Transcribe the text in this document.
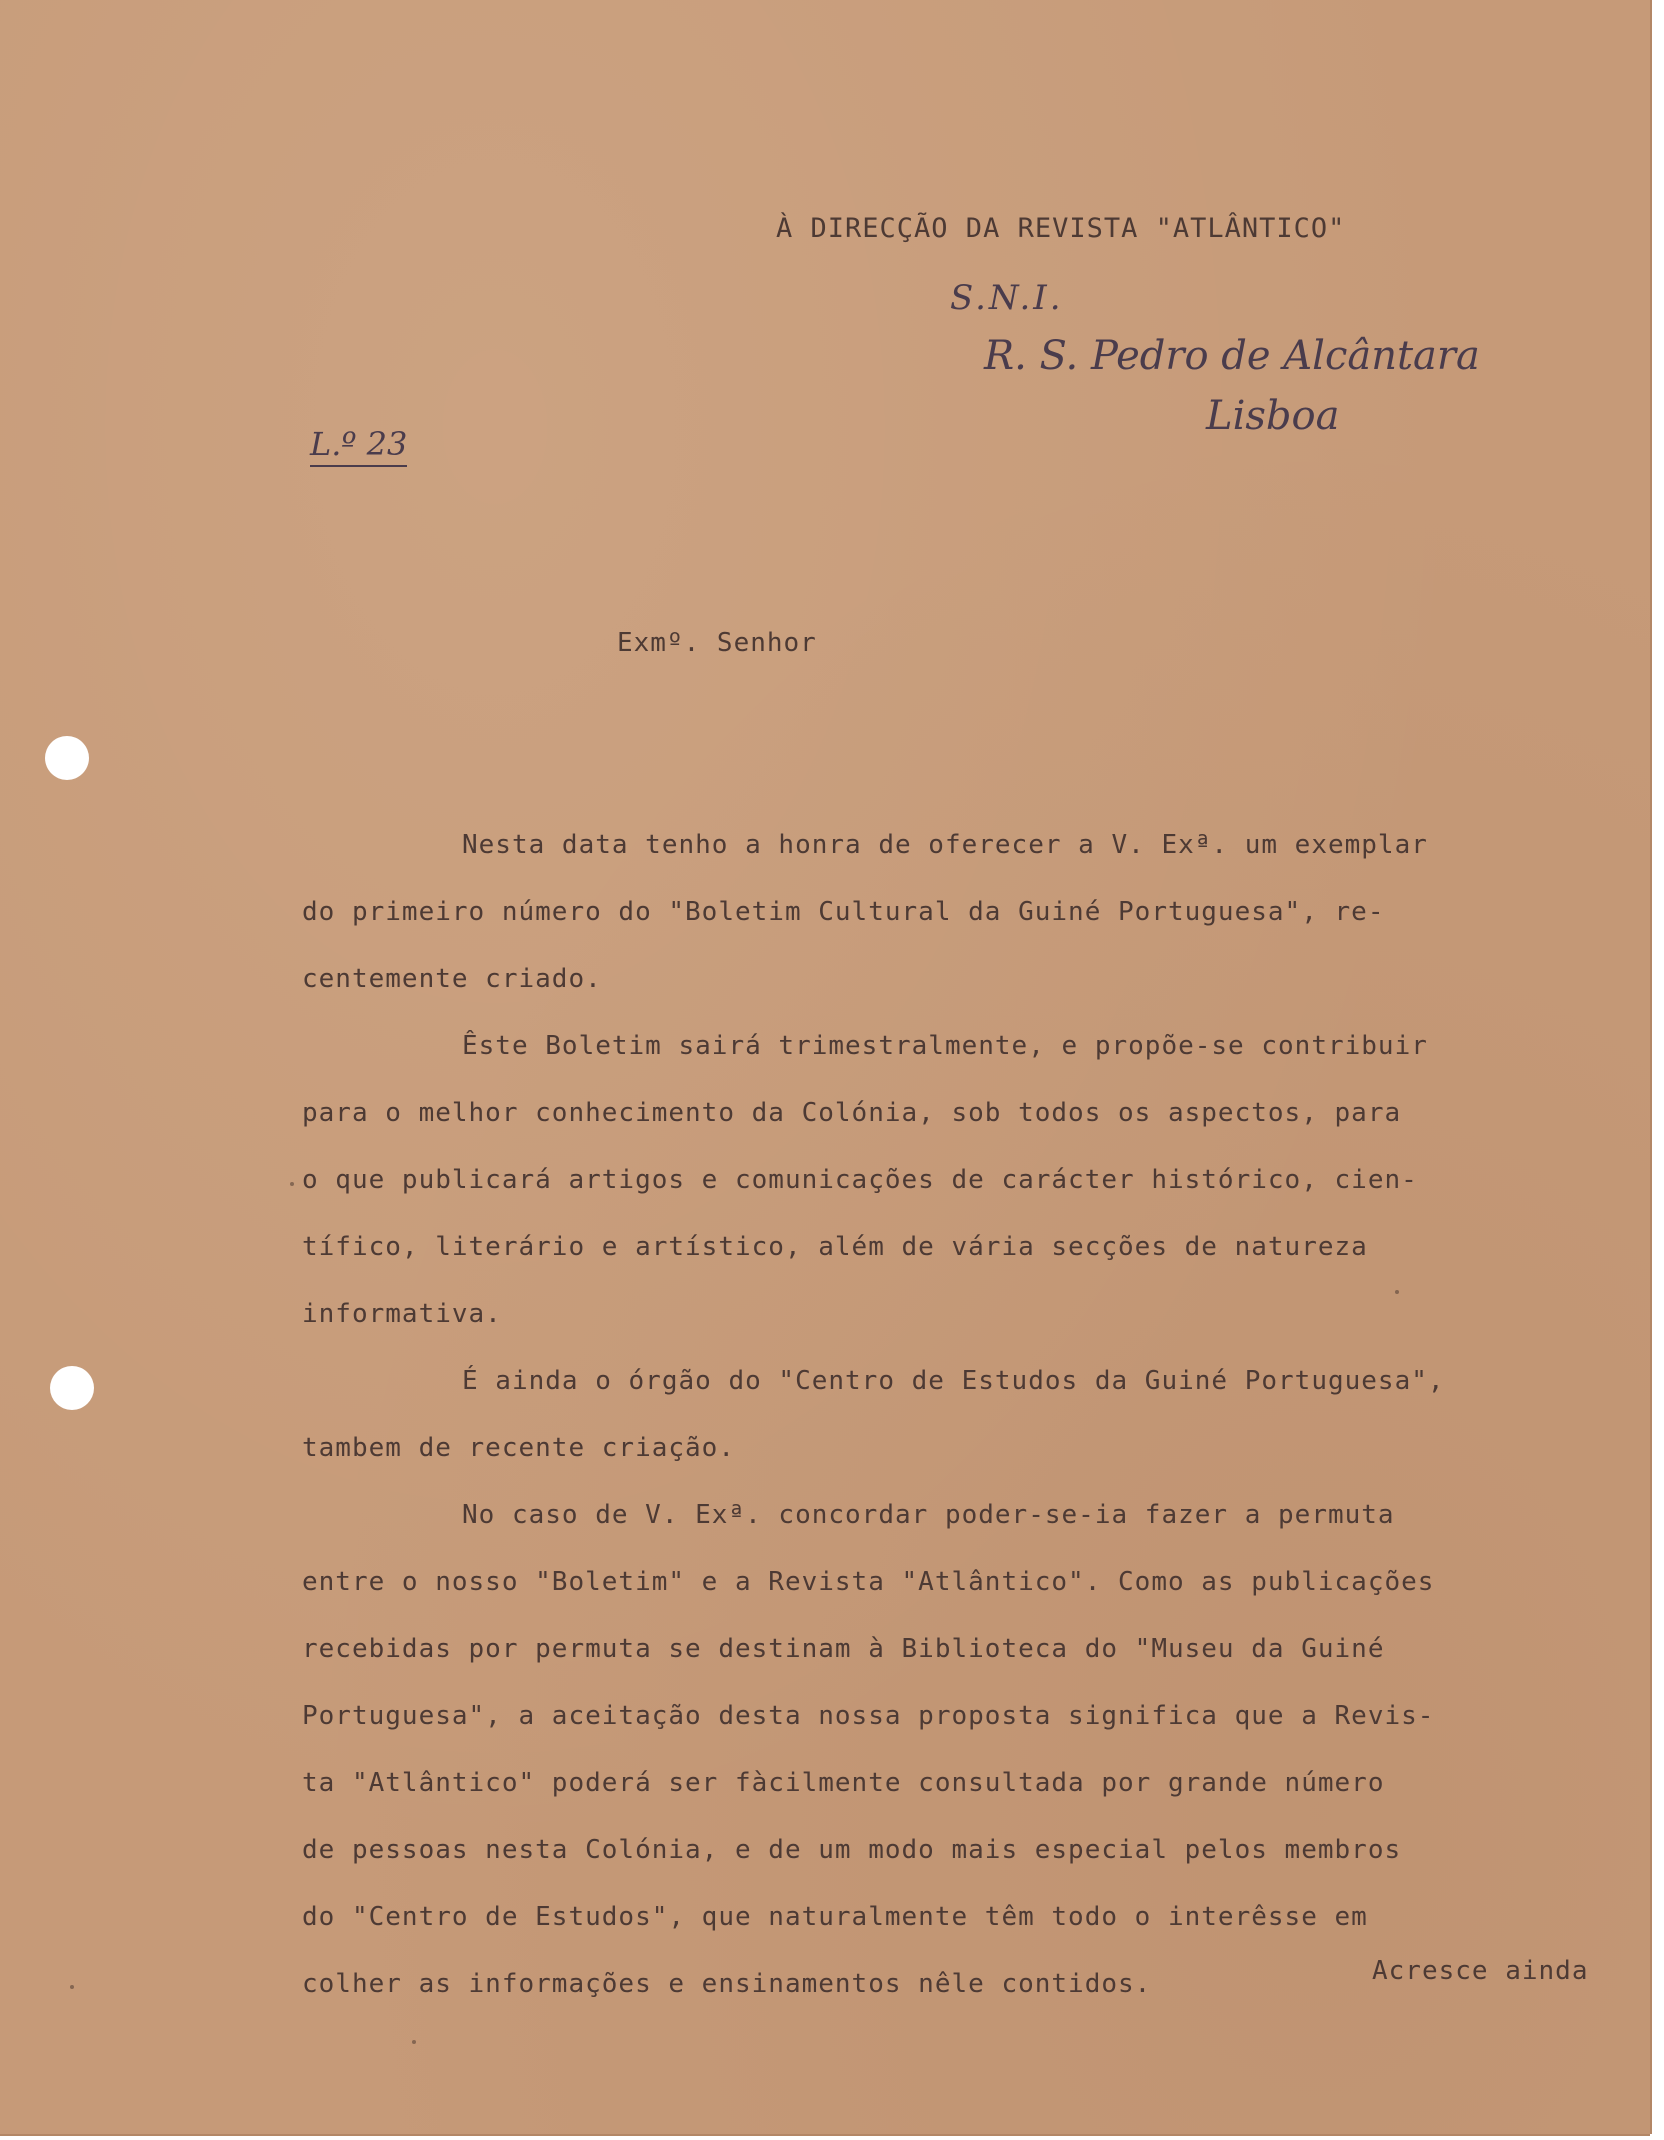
À DIRECÇÃO DA REVISTA "ATLÂNTICO"
S.N.I.
R. S. Pedro de Alcântara
Lisboa
L.º 23
Exmº. Senhor
Nesta data tenho a honra de oferecer a V. Exª. um exemplar
do primeiro número do "Boletim Cultural da Guiné Portuguesa", re-
centemente criado.
Êste Boletim sairá trimestralmente, e propõe-se contribuir
para o melhor conhecimento da Colónia, sob todos os aspectos, para
o que publicará artigos e comunicações de carácter histórico, cien-
tífico, literário e artístico, além de vária secções de natureza
informativa.
É ainda o órgão do "Centro de Estudos da Guiné Portuguesa",
tambem de recente criação.
No caso de V. Exª. concordar poder-se-ia fazer a permuta
entre o nosso "Boletim" e a Revista "Atlântico". Como as publicações
recebidas por permuta se destinam à Biblioteca do "Museu da Guiné
Portuguesa", a aceitação desta nossa proposta significa que a Revis-
ta "Atlântico" poderá ser fàcilmente consultada por grande número
de pessoas nesta Colónia, e de um modo mais especial pelos membros
do "Centro de Estudos", que naturalmente têm todo o interêsse em
colher as informações e ensinamentos nêle contidos.	Acresce ainda
